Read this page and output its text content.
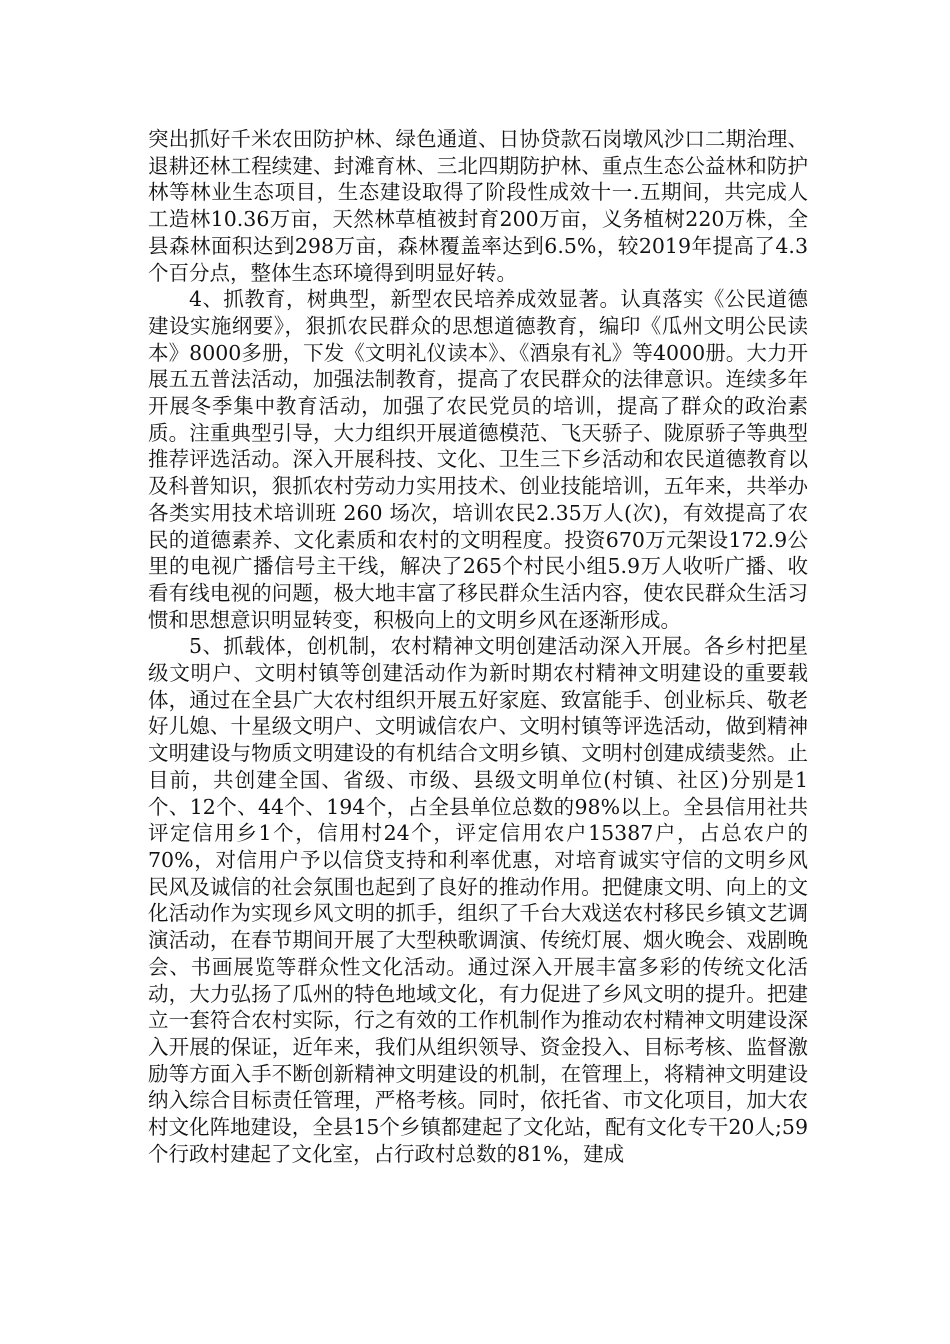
突出抓好千米农田防护林、绿色通道、日协贷款石岗墩风沙口二期治理、退耕还林工程续建、封滩育林、三北四期防护林、重点生态公益林和防护林等林业生态项目，生态建设取得了阶段性成效十一.五期间，共完成人工造林10.36万亩，天然林草植被封育200万亩，义务植树220万株，全县森林面积达到298万亩，森林覆盖率达到6.5%，较2019年提高了4.3个百分点，整体生态环境得到明显好转。

4、抓教育，树典型，新型农民培养成效显著。认真落实《公民道德建设实施纲要》，狠抓农民群众的思想道德教育，编印《瓜州文明公民读本》8000多册，下发《文明礼仪读本》、《酒泉有礼》等4000册。大力开展五五普法活动，加强法制教育，提高了农民群众的法律意识。连续多年开展冬季集中教育活动，加强了农民党员的培训，提高了群众的政治素质。注重典型引导，大力组织开展道德模范、飞天骄子、陇原骄子等典型推荐评选活动。深入开展科技、文化、卫生三下乡活动和农民道德教育以及科普知识，狠抓农村劳动力实用技术、创业技能培训，五年来，共举办各类实用技术培训班 260 场次，培训农民2.35万人(次)，有效提高了农民的道德素养、文化素质和农村的文明程度。投资670万元架设172.9公里的电视广播信号主干线，解决了265个村民小组5.9万人收听广播、收看有线电视的问题，极大地丰富了移民群众生活内容，使农民群众生活习惯和思想意识明显转变，积极向上的文明乡风在逐渐形成。

5、抓载体，创机制，农村精神文明创建活动深入开展。各乡村把星级文明户、文明村镇等创建活动作为新时期农村精神文明建设的重要载体，通过在全县广大农村组织开展五好家庭、致富能手、创业标兵、敬老好儿媳、十星级文明户、文明诚信农户、文明村镇等评选活动，做到精神文明建设与物质文明建设的有机结合文明乡镇、文明村创建成绩斐然。止目前，共创建全国、省级、市级、县级文明单位(村镇、社区)分别是1个、12个、44个、194个，占全县单位总数的98%以上。全县信用社共评定信用乡1个，信用村24个，评定信用农户15387户，占总农户的70%，对信用户予以信贷支持和利率优惠，对培育诚实守信的文明乡风民风及诚信的社会氛围也起到了良好的推动作用。把健康文明、向上的文化活动作为实现乡风文明的抓手，组织了千台大戏送农村移民乡镇文艺调演活动，在春节期间开展了大型秧歌调演、传统灯展、烟火晚会、戏剧晚会、书画展览等群众性文化活动。通过深入开展丰富多彩的传统文化活动，大力弘扬了瓜州的特色地域文化，有力促进了乡风文明的提升。把建立一套符合农村实际，行之有效的工作机制作为推动农村精神文明建设深入开展的保证，近年来，我们从组织领导、资金投入、目标考核、监督激励等方面入手不断创新精神文明建设的机制，在管理上，将精神文明建设纳入综合目标责任管理，严格考核。同时，依托省、市文化项目，加大农村文化阵地建设，全县15个乡镇都建起了文化站，配有文化专干20人;59个行政村建起了文化室，占行政村总数的81%，建成
